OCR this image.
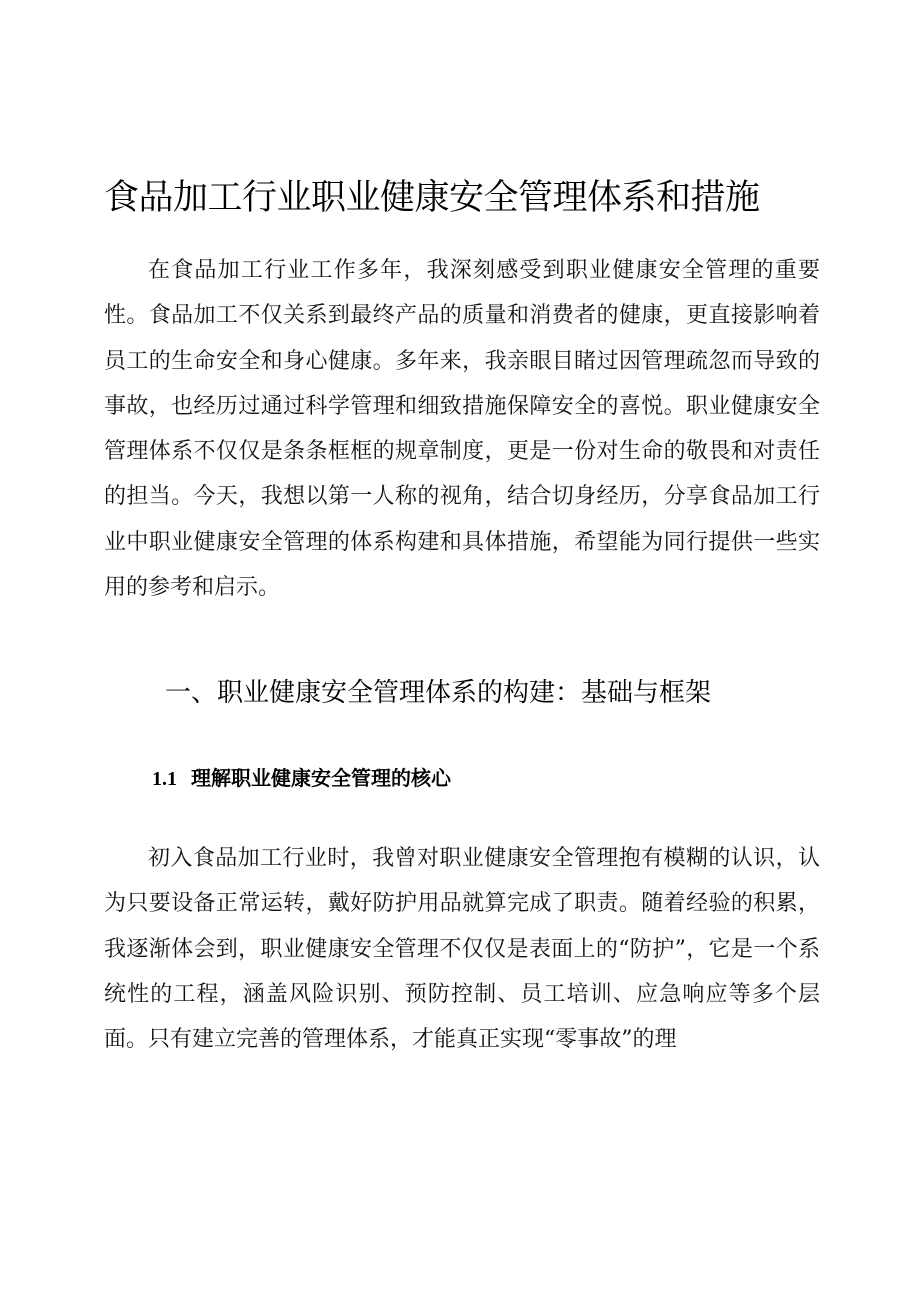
食品加工行业职业健康安全管理体系和措施

在食品加工行业工作多年，我深刻感受到职业健康安全管理的重要性。食品加工不仅关系到最终产品的质量和消费者的健康，更直接影响着员工的生命安全和身心健康。多年来，我亲眼目睹过因管理疏忽而导致的事故，也经历过通过科学管理和细致措施保障安全的喜悦。职业健康安全管理体系不仅仅是条条框框的规章制度，更是一份对生命的敬畏和对责任的担当。今天，我想以第一人称的视角，结合切身经历，分享食品加工行业中职业健康安全管理的体系构建和具体措施，希望能为同行提供一些实用的参考和启示。

一、职业健康安全管理体系的构建：基础与框架
1.1 理解职业健康安全管理的核心

初入食品加工行业时，我曾对职业健康安全管理抱有模糊的认识，认为只要设备正常运转，戴好防护用品就算完成了职责。随着经验的积累，我逐渐体会到，职业健康安全管理不仅仅是表面上的“防护”，它是一个系统性的工程，涵盖风险识别、预防控制、员工培训、应急响应等多个层面。只有建立完善的管理体系，才能真正实现“零事故”的理
